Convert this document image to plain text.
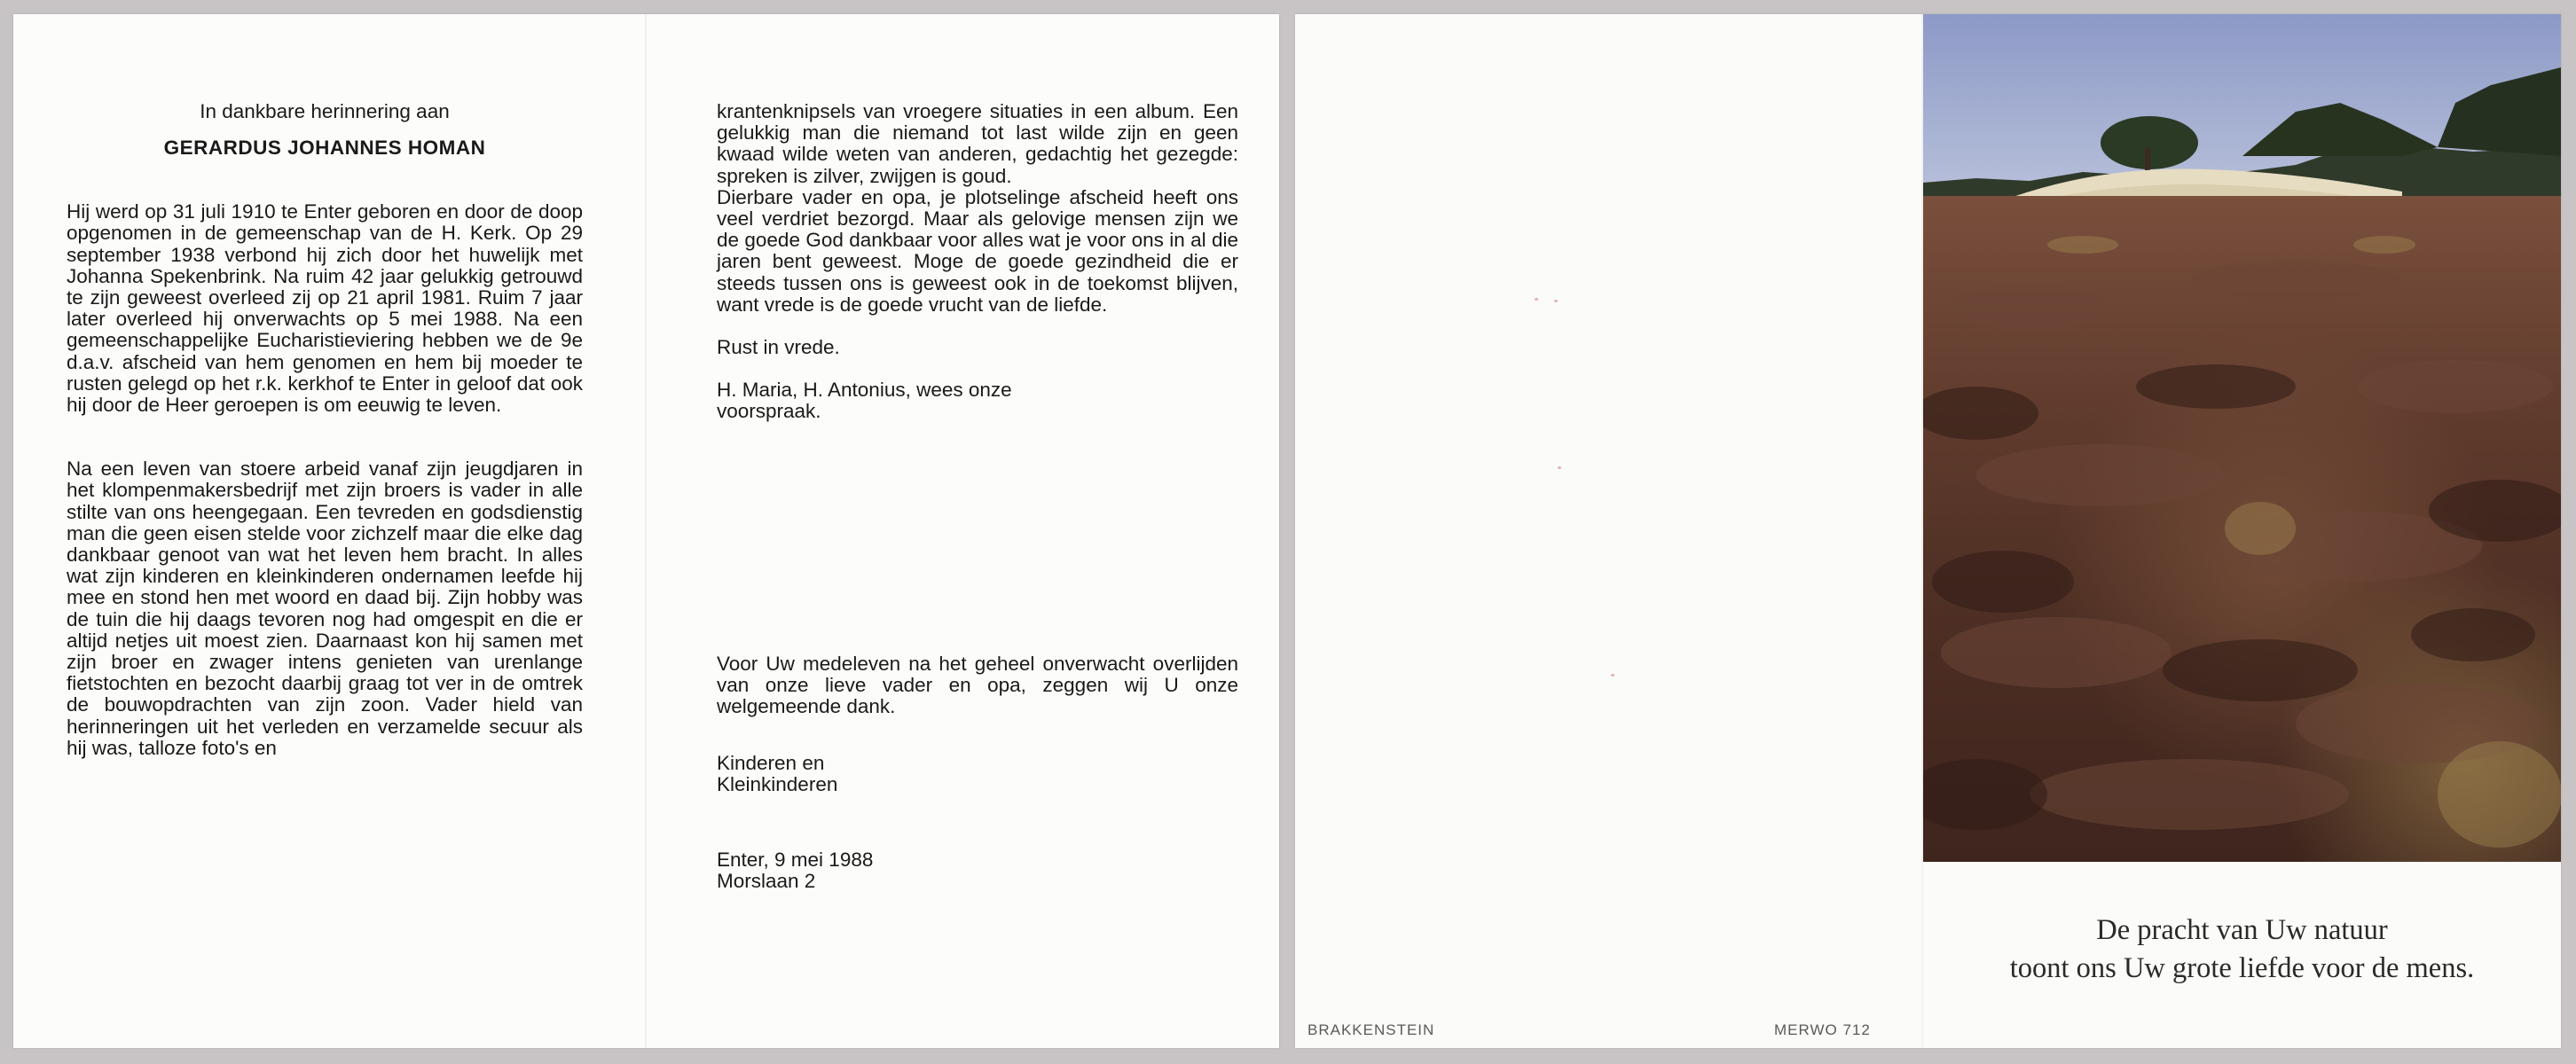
In dankbare herinnering aan

GERARDUS JOHANNES HOMAN

Hij werd op 31 juli 1910 te Enter geboren en door de doop opgenomen in de gemeenschap van de H. Kerk. Op 29 september 1938 verbond hij zich door het huwelijk met Johanna Spekenbrink. Na ruim 42 jaar gelukkig getrouwd te zijn geweest overleed zij op 21 april 1981. Ruim 7 jaar later overleed hij onverwachts op 5 mei 1988. Na een gemeenschappelijke Eucharistieviering hebben we de 9e d.a.v. afscheid van hem genomen en hem bij moeder te rusten gelegd op het r.k. kerkhof te Enter in geloof dat ook hij door de Heer geroepen is om eeuwig te leven.

Na een leven van stoere arbeid vanaf zijn jeugdjaren in het klompenmakersbedrijf met zijn broers is vader in alle stilte van ons heengegaan. Een tevreden en godsdienstig man die geen eisen stelde voor zichzelf maar die elke dag dankbaar genoot van wat het leven hem bracht. In alles wat zijn kinderen en kleinkinderen ondernamen leefde hij mee en stond hen met woord en daad bij. Zijn hobby was de tuin die hij daags tevoren nog had omgespit en die er altijd netjes uit moest zien. Daarnaast kon hij samen met zijn broer en zwager intens genieten van urenlange fietstochten en bezocht daarbij graag tot ver in de omtrek de bouwopdrachten van zijn zoon. Vader hield van herinneringen uit het verleden en verzamelde secuur als hij was, talloze foto's en

krantenknipsels van vroegere situaties in een album. Een gelukkig man die niemand tot last wilde zijn en geen kwaad wilde weten van anderen, gedachtig het gezegde: spreken is zilver, zwijgen is goud.

Dierbare vader en opa, je plotselinge afscheid heeft ons veel verdriet bezorgd. Maar als gelovige mensen zijn we de goede God dankbaar voor alles wat je voor ons in al die jaren bent geweest. Moge de goede gezindheid die er steeds tussen ons is geweest ook in de toekomst blijven, want vrede is de goede vrucht van de liefde.

Rust in vrede.

H. Maria, H. Antonius, wees onze voorspraak.

Voor Uw medeleven na het geheel onverwacht overlijden van onze lieve vader en opa, zeggen wij U onze welgemeende dank.

Kinderen en
Kleinkinderen

Enter, 9 mei 1988
Morslaan 2

De pracht van Uw natuur

toont ons Uw grote liefde voor de mens.

BRAKKENSTEIN	MERWO 712
